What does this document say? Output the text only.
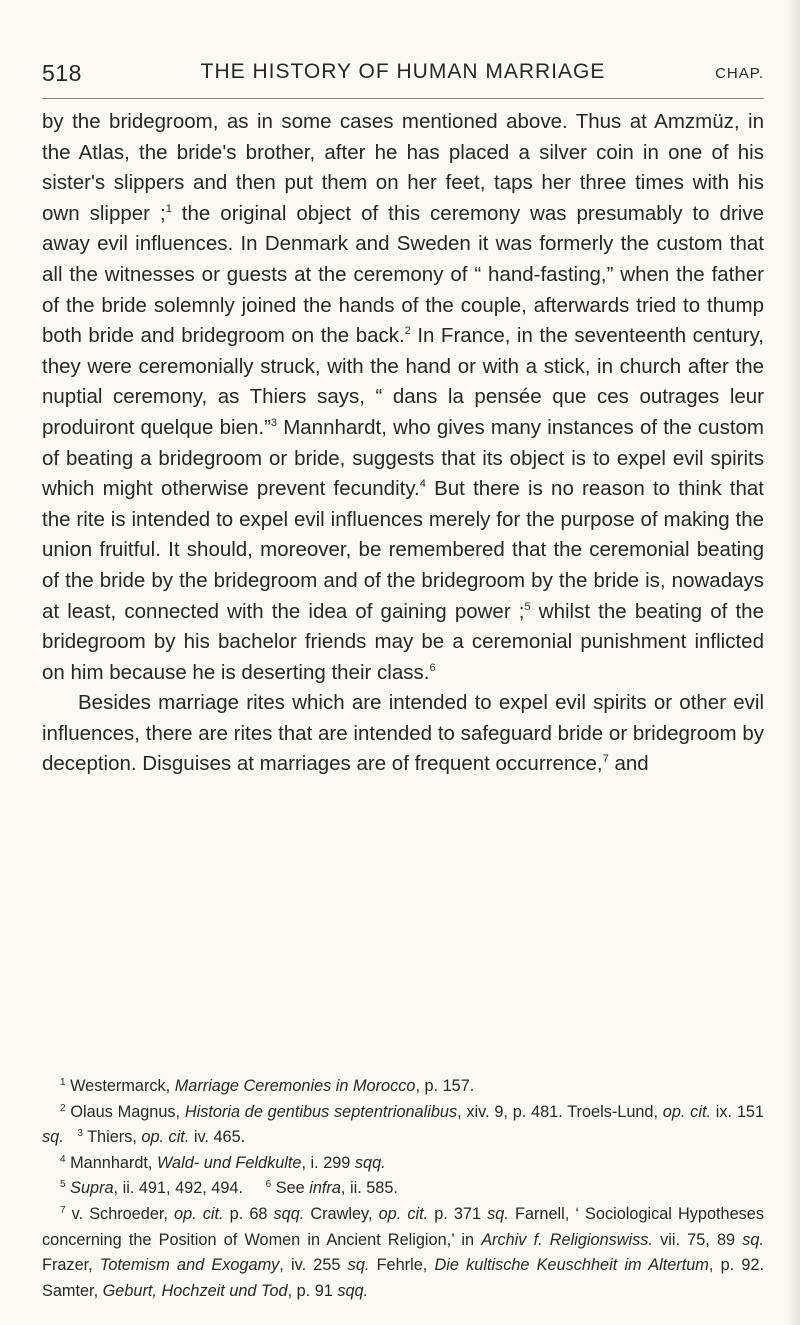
518	THE HISTORY OF HUMAN MARRIAGE	CHAP.

by the bridegroom, as in some cases mentioned above. Thus at Amzmüz, in the Atlas, the bride's brother, after he has placed a silver coin in one of his sister's slippers and then put them on her feet, taps her three times with his own slipper ;$^1$ the original object of this ceremony was presumably to drive away evil influences. In Denmark and Sweden it was formerly the custom that all the witnesses or guests at the ceremony of “ hand-fasting,” when the father of the bride solemnly joined the hands of the couple, afterwards tried to thump both bride and bridegroom on the back.$^2$ In France, in the seventeenth century, they were ceremonially struck, with the hand or with a stick, in church after the nuptial ceremony, as Thiers says, “ dans la pensée que ces outrages leur produiront quelque bien.”$^3$ Mannhardt, who gives many instances of the custom of beating a bridegroom or bride, suggests that its object is to expel evil spirits which might otherwise prevent fecundity.$^4$ But there is no reason to think that the rite is intended to expel evil influences merely for the purpose of making the union fruitful. It should, moreover, be remembered that the ceremonial beating of the bride by the bridegroom and of the bridegroom by the bride is, nowadays at least, connected with the idea of gaining power ;$^5$ whilst the beating of the bridegroom by his bachelor friends may be a ceremonial punishment inflicted on him because he is deserting their class.$^6$

Besides marriage rites which are intended to expel evil spirits or other evil influences, there are rites that are intended to safeguard bride or bridegroom by deception. Disguises at marriages are of frequent occurrence,$^7$ and

$^1$ Westermarck, Marriage Ceremonies in Morocco, p. 157.

$^2$ Olaus Magnus, Historia de gentibus septentrionalibus, xiv. 9, p. 481. Troels-Lund, op. cit. ix. 151 sq. $^3$ Thiers, op. cit. iv. 465.

$^4$ Mannhardt, Wald- und Feldkulte, i. 299 sqq.

$^5$ Supra, ii. 491, 492, 494. $^6$ See infra, ii. 585.

$^7$ v. Schroeder, op. cit. p. 68 sqq. Crawley, op. cit. p. 371 sq. Farnell, ‘ Sociological Hypotheses concerning the Position of Women in Ancient Religion,’ in Archiv f. Religionswiss. vii. 75, 89 sq. Frazer, Totemism and Exogamy, iv. 255 sq. Fehrle, Die kultische Keuschheit im Altertum, p. 92. Samter, Geburt, Hochzeit und Tod, p. 91 sqq.
